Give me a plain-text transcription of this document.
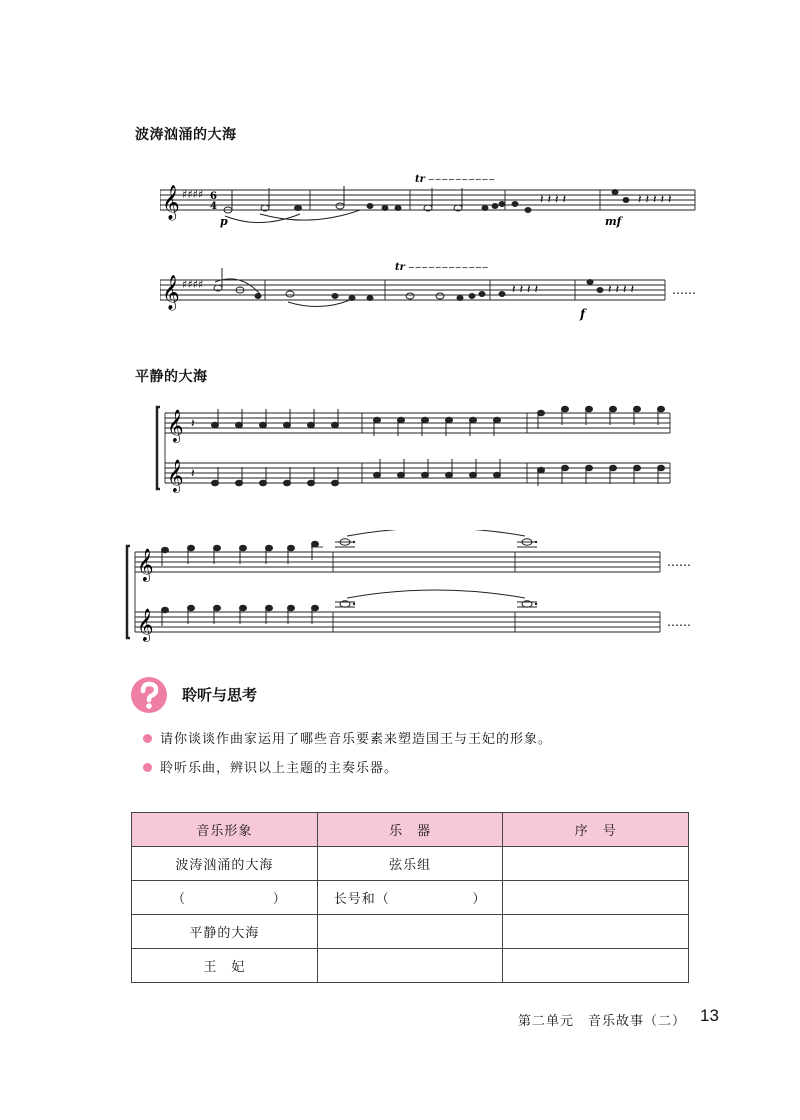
波涛汹涌的大海
𝄞 ♯♯♯♯ 6
4
tr ∽∽∽∽∽∽∽∽∽∽
p	mf
𝄽 𝄽 𝄽 𝄽	𝄽 𝄽 𝄽 𝄽 𝄽
𝄞 ♯♯♯♯
tr ∽∽∽∽∽∽∽∽∽∽∽∽
f
𝄽 𝄽 𝄽 𝄽	𝄽 𝄽 𝄽 𝄽	……
平静的大海
𝄞
𝄞
𝄽
𝄽
𝄞
𝄞
……
……
聆听与思考
请你谈谈作曲家运用了哪些音乐要素来塑造国王与王妃的形象。
聆听乐曲，辨识以上主题的主奏乐器。
音乐形象	乐　器	序　号
波涛汹涌的大海	弦乐组	

（ ）	长号和（ ）	

平静的大海		
王　妃		
第二单元　音乐故事（二） 13
